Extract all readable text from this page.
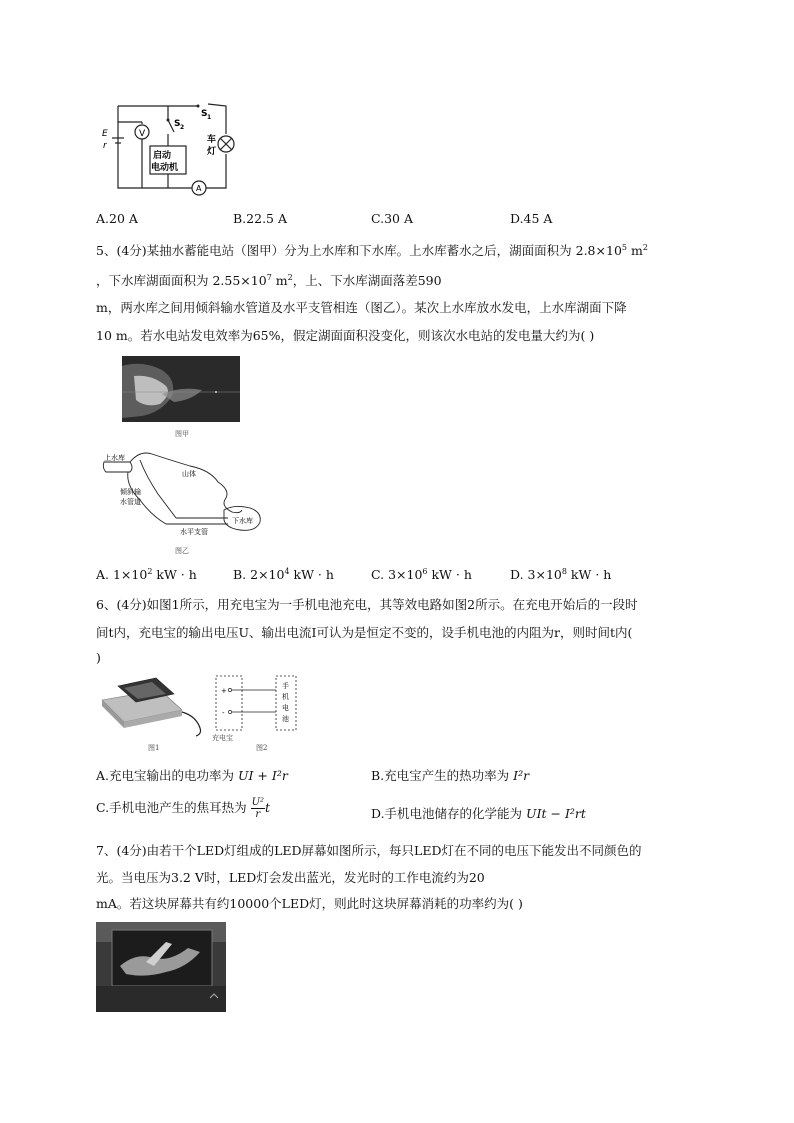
E
r
V
A
S 2
S 1
启动
电动机
车
灯
A.20 A	B.22.5 A	C.30 A	D.45 A
5、(4分)某抽水蓄能电站（图甲）分为上水库和下水库。上水库蓄水之后，湖面面积为 $2.8\times 10^5$ $m^2$
，下水库湖面面积为 $2.55\times 10^7$ $m^2$，上、下水库湖面落差590
m，两水库之间用倾斜输水管道及水平支管相连（图乙）。某次上水库放水发电，上水库湖面下降
10 m。若水电站发电效率为65%，假定湖面面积没变化，则该次水电站的发电量大约为( )
图甲
上水库
山体
倾斜输
水管道
水平支管
下水库
图乙
A. $1\times 10^2$ kW · h	B. $2\times 10^4$ kW · h	C. $3\times 10^6$ kW · h	D. $3\times 10^8$ kW · h
6、(4分)如图1所示，用充电宝为一手机电池充电，其等效电路如图2所示。在充电开始后的一段时
间t内，充电宝的输出电压U、输出电流I可认为是恒定不变的，设手机电池的内阻为r，则时间t内(
)
图1
+
-
手
机
电
池
充电宝
图2
A.充电宝输出的电功率为 UI + I²r	B.充电宝产生的热功率为 I²r
C.手机电池产生的焦耳热为 $\frac{\text{U²}}{r}$ t	D.手机电池储存的化学能为 UIt − I²rt
7、(4分)由若干个LED灯组成的LED屏幕如图所示，每只LED灯在不同的电压下能发出不同颜色的
光。当电压为3.2 V时，LED灯会发出蓝光，发光时的工作电流约为20
mA。若这块屏幕共有约10000个LED灯，则此时这块屏幕消耗的功率约为( )
